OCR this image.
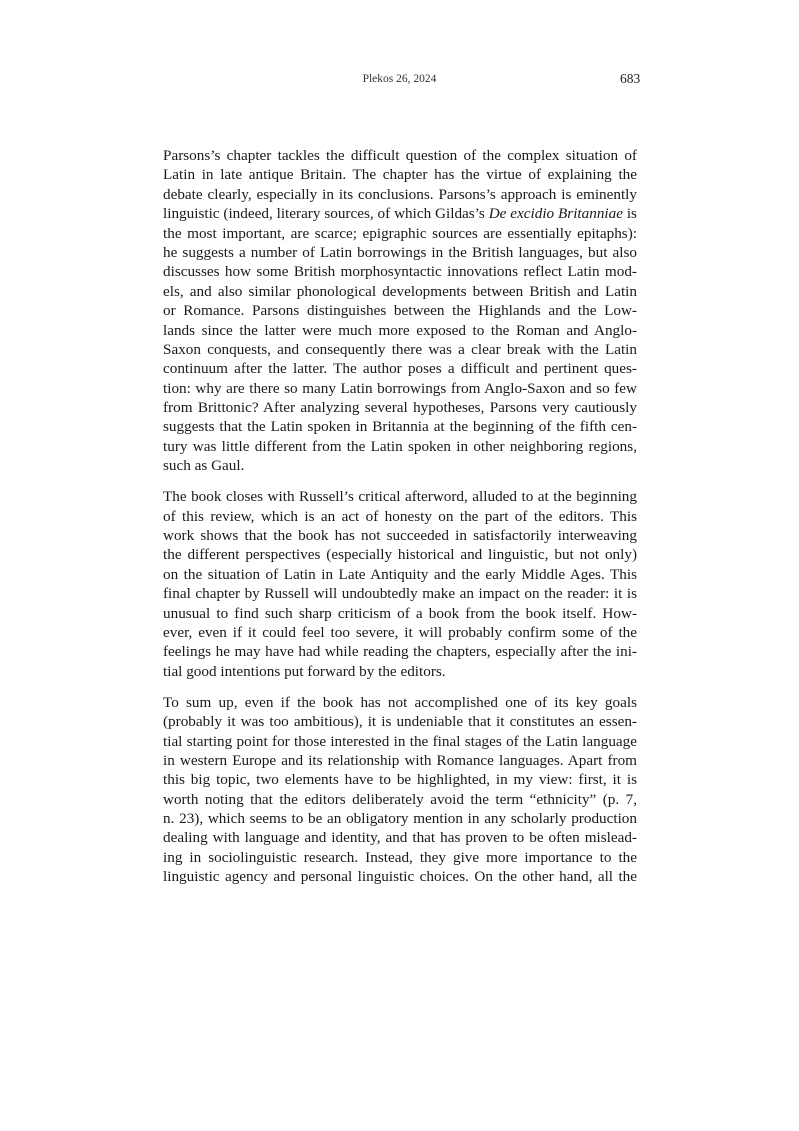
Plekos 26, 2024	683
Parsons’s chapter tackles the difficult question of the complex situation of
Latin in late antique Britain. The chapter has the virtue of explaining the
debate clearly, especially in its conclusions. Parsons’s approach is eminently
linguistic (indeed, literary sources, of which Gildas’s De excidio Britanniae is
the most important, are scarce; epigraphic sources are essentially epitaphs):
he suggests a number of Latin borrowings in the British languages, but also
discusses how some British morphosyntactic innovations reflect Latin mod-
els, and also similar phonological developments between British and Latin
or Romance. Parsons distinguishes between the Highlands and the Low-
lands since the latter were much more exposed to the Roman and Anglo-
Saxon conquests, and consequently there was a clear break with the Latin
continuum after the latter. The author poses a difficult and pertinent ques-
tion: why are there so many Latin borrowings from Anglo-Saxon and so few
from Brittonic? After analyzing several hypotheses, Parsons very cautiously
suggests that the Latin spoken in Britannia at the beginning of the fifth cen-
tury was little different from the Latin spoken in other neighboring regions,
such as Gaul.
The book closes with Russell’s critical afterword, alluded to at the beginning
of this review, which is an act of honesty on the part of the editors. This
work shows that the book has not succeeded in satisfactorily interweaving
the different perspectives (especially historical and linguistic, but not only)
on the situation of Latin in Late Antiquity and the early Middle Ages. This
final chapter by Russell will undoubtedly make an impact on the reader: it is
unusual to find such sharp criticism of a book from the book itself. How-
ever, even if it could feel too severe, it will probably confirm some of the
feelings he may have had while reading the chapters, especially after the ini-
tial good intentions put forward by the editors.
To sum up, even if the book has not accomplished one of its key goals
(probably it was too ambitious), it is undeniable that it constitutes an essen-
tial starting point for those interested in the final stages of the Latin language
in western Europe and its relationship with Romance languages. Apart from
this big topic, two elements have to be highlighted, in my view: first, it is
worth noting that the editors deliberately avoid the term “ethnicity” (p. 7,
n. 23), which seems to be an obligatory mention in any scholarly production
dealing with language and identity, and that has proven to be often mislead-
ing in sociolinguistic research. Instead, they give more importance to the
linguistic agency and personal linguistic choices. On the other hand, all the
